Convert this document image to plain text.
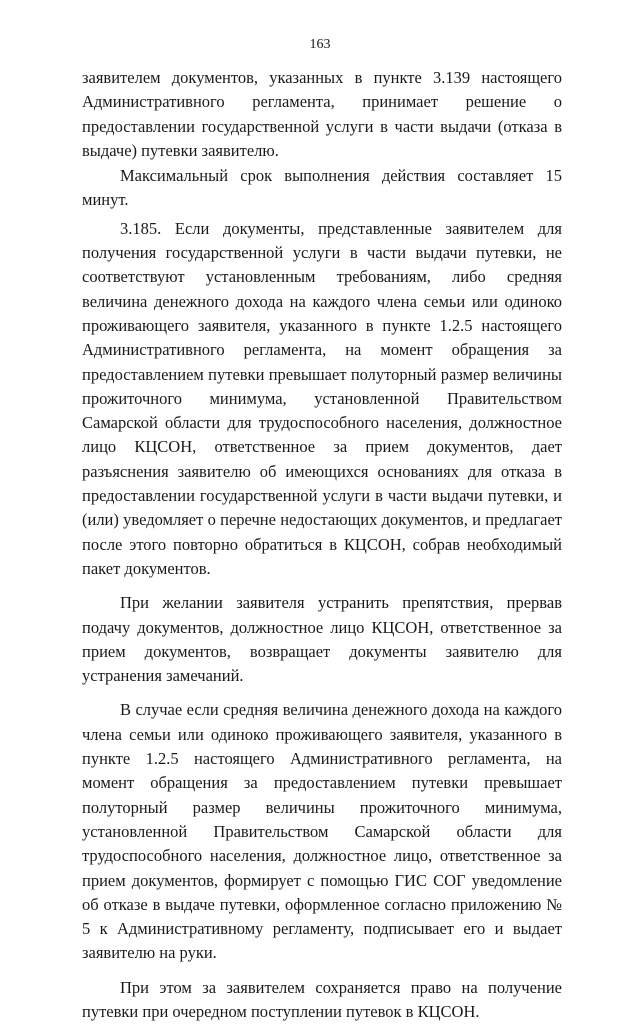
163

заявителем документов, указанных в пункте 3.139 настоящего Административного регламента, принимает решение о предоставлении государственной услуги в части выдачи (отказа в выдаче) путевки заявителю.

Максимальный срок выполнения действия составляет 15 минут.

3.185. Если документы, представленные заявителем для получения государственной услуги в части выдачи путевки, не соответствуют установленным требованиям, либо средняя величина денежного дохода на каждого члена семьи или одиноко проживающего заявителя, указанного в пункте 1.2.5 настоящего Административного регламента, на момент обращения за предоставлением путевки превышает полуторный размер величины прожиточного минимума, установленной Правительством Самарской области для трудоспособного населения, должностное лицо КЦСОН, ответственное за прием документов, дает разъяснения заявителю об имеющихся основаниях для отказа в предоставлении государственной услуги в части выдачи путевки, и (или) уведомляет о перечне недостающих документов, и предлагает после этого повторно обратиться в КЦСОН, собрав необходимый пакет документов.

При желании заявителя устранить препятствия, прервав подачу документов, должностное лицо КЦСОН, ответственное за прием документов, возвращает документы заявителю для устранения замечаний.

В случае если средняя величина денежного дохода на каждого члена семьи или одиноко проживающего заявителя, указанного в пункте 1.2.5 настоящего Административного регламента, на момент обращения за предоставлением путевки превышает полуторный размер величины прожиточного минимума, установленной Правительством Самарской области для трудоспособного населения, должностное лицо, ответственное за прием документов, формирует с помощью ГИС СОГ уведомление об отказе в выдаче путевки, оформленное согласно приложению № 5 к Административному регламенту, подписывает его и выдает заявителю на руки.

При этом за заявителем сохраняется право на получение путевки при очередном поступлении путевок в КЦСОН.
